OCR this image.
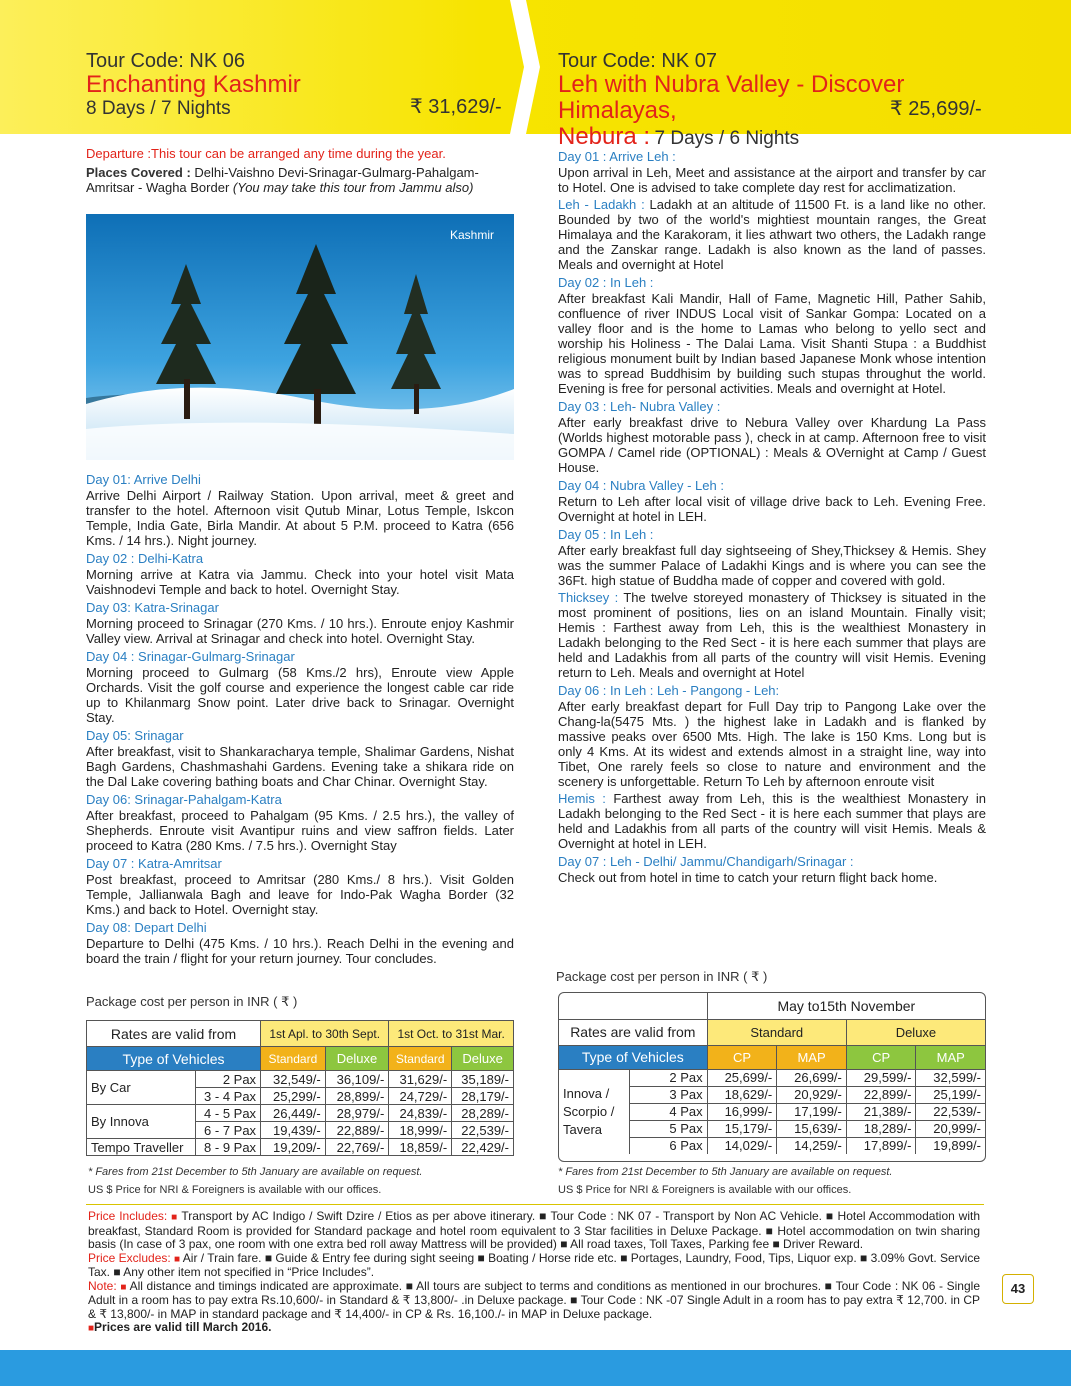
Tour Code: NK 06
Enchanting Kashmir
8 Days / 7 Nights	₹ 31,629/-
Tour Code: NK 07
Leh with Nubra Valley - Discover Himalayas,
Nebura : 7 Days / 6 Nights
₹ 25,699/-
Departure :This tour can be arranged any time during the year.
Places Covered : Delhi-Vaishno Devi-Srinagar-Gulmarg-Pahalgam-Amritsar - Wagha Border (You may take this tour from Jammu also)
Kashmir
Day 01: Arrive Delhi
Arrive Delhi Airport / Railway Station. Upon arrival, meet & greet and transfer to the hotel. Afternoon visit Qutub Minar, Lotus Temple, Iskcon Temple, India Gate, Birla Mandir. At about 5 P.M. proceed to Katra (656 Kms. / 14 hrs.). Night journey.
Day 02 : Delhi-Katra
Morning arrive at Katra via Jammu. Check into your hotel visit Mata Vaishnodevi Temple and back to hotel. Overnight Stay.
Day 03: Katra-Srinagar
Morning proceed to Srinagar (270 Kms. / 10 hrs.). Enroute enjoy Kashmir Valley view. Arrival at Srinagar and check into hotel. Overnight Stay.
Day 04 : Srinagar-Gulmarg-Srinagar
Morning proceed to Gulmarg (58 Kms./2 hrs), Enroute view Apple Orchards. Visit the golf course and experience the longest cable car ride up to Khilanmarg Snow point. Later drive back to Srinagar. Overnight Stay.
Day 05: Srinagar
After breakfast, visit to Shankaracharya temple, Shalimar Gardens, Nishat Bagh Gardens, Chashmashahi Gardens. Evening take a shikara ride on the Dal Lake covering bathing boats and Char Chinar. Overnight Stay.
Day 06: Srinagar-Pahalgam-Katra
After breakfast, proceed to Pahalgam (95 Kms. / 2.5 hrs.), the valley of Shepherds. Enroute visit Avantipur ruins and view saffron fields. Later proceed to Katra (280 Kms. / 7.5 hrs.). Overnight Stay
Day 07 : Katra-Amritsar
Post breakfast, proceed to Amritsar (280 Kms./ 8 hrs.). Visit Golden Temple, Jallianwala Bagh and leave for Indo-Pak Wagha Border (32 Kms.) and back to Hotel. Overnight stay.
Day 08: Depart Delhi
Departure to Delhi (475 Kms. / 10 hrs.). Reach Delhi in the evening and board the train / flight for your return journey. Tour concludes.
Package cost per person in INR ( ₹ )
Rates are valid from		1st Apl. to 30th Sept.		1st Oct. to 31st Mar.	
Type of Vehicles		Standard	Deluxe	Standard	Deluxe
By Car	2 Pax	32,549/-	36,109/-	31,629/-	35,189/-
	3 - 4 Pax	25,299/-	28,899/-	24,729/-	28,179/-
By Innova	4 - 5 Pax	26,449/-	28,979/-	24,839/-	28,289/-
	6 - 7 Pax	19,439/-	22,889/-	18,999/-	22,539/-
Tempo Traveller	8 - 9 Pax	19,209/-	22,769/-	18,859/-	22,429/-
* Fares from 21st December to 5th January are available on request.
US $ Price for NRI & Foreigners is available with our offices.
Day 01 : Arrive Leh :
Upon arrival in Leh, Meet and assistance at the airport and transfer by car to Hotel. One is advised to take complete day rest for acclimatization.
Leh - Ladakh : Ladakh at an altitude of 11500 Ft. is a land like no other. Bounded by two of the world's mightiest mountain ranges, the Great Himalaya and the Karakoram, it lies athwart two others, the Ladakh range and the Zanskar range. Ladakh is also known as the land of passes. Meals and overnight at Hotel
Day 02 : In Leh :
After breakfast Kali Mandir, Hall of Fame, Magnetic Hill, Pather Sahib, confluence of river INDUS Local visit of Sankar Gompa: Located on a valley floor and is the home to Lamas who belong to yello sect and worship his Holiness - The Dalai Lama. Visit Shanti Stupa : a Buddhist religious monument built by Indian based Japanese Monk whose intention was to spread Buddhisim by building such stupas throughut the world. Evening is free for personal activities. Meals and overnight at Hotel.
Day 03 : Leh- Nubra Valley :
After early breakfast drive to Nebura Valley over Khardung La Pass (Worlds highest motorable pass ), check in at camp. Afternoon free to visit GOMPA / Camel ride (OPTIONAL) : Meals & OVernight at Camp / Guest House.
Day 04 : Nubra Valley - Leh :
Return to Leh after local visit of village drive back to Leh. Evening Free. Overnight at hotel in LEH.
Day 05 : In Leh :
After early breakfast full day sightseeing of Shey,Thicksey & Hemis. Shey was the summer Palace of Ladakhi Kings and is where you can see the 36Ft. high statue of Buddha made of copper and covered with gold.
Thicksey : The twelve storeyed monastery of Thicksey is situated in the most prominent of positions, lies on an island Mountain. Finally visit; Hemis : Farthest away from Leh, this is the wealthiest Monastery in Ladakh belonging to the Red Sect - it is here each summer that plays are held and Ladakhis from all parts of the country will visit Hemis. Evening return to Leh. Meals and overnight at Hotel
Day 06 : In Leh : Leh - Pangong - Leh:
After early breakfast depart for Full Day trip to Pangong Lake over the Chang-la(5475 Mts. ) the highest lake in Ladakh and is flanked by massive peaks over 6500 Mts. High. The lake is 150 Kms. Long but is only 4 Kms. At its widest and extends almost in a straight line, way into Tibet, One rarely feels so close to nature and environment and the scenery is unforgettable. Return To Leh by afternoon enroute visit
Hemis : Farthest away from Leh, this is the wealthiest Monastery in Ladakh belonging to the Red Sect - it is here each summer that plays are held and Ladakhis from all parts of the country will visit Hemis. Meals & Overnight at hotel in LEH.
Day 07 : Leh - Delhi/ Jammu/Chandigarh/Srinagar :
Check out from hotel in time to catch your return flight back home.
Package cost per person in INR ( ₹ )
		May to15th November			
Rates are valid from		Standard		Deluxe	
Type of Vehicles		CP	MAP	CP	MAP
Innova / Scorpio / Tavera	2 Pax	25,699/-	26,699/-	29,599/-	32,599/-
	3 Pax	18,629/-	20,929/-	22,899/-	25,199/-
	4 Pax	16,999/-	17,199/-	21,389/-	22,539/-
	5 Pax	15,179/-	15,639/-	18,289/-	20,999/-
	6 Pax	14,029/-	14,259/-	17,899/-	19,899/-
* Fares from 21st December to 5th January are available on request.
US $ Price for NRI & Foreigners is available with our offices.
Price Includes: ■ Transport by AC Indigo / Swift Dzire / Etios as per above itinerary. ■ Tour Code : NK 07 - Transport by Non AC Vehicle. ■ Hotel Accommodation with breakfast, Standard Room is provided for Standard package and hotel room equivalent to 3 Star facilities in Deluxe Package. ■ Hotel accommodation on twin sharing basis (In case of 3 pax, one room with one extra bed roll away Mattress will be provided) ■ All road taxes, Toll Taxes, Parking fee ■ Driver Reward.
Price Excludes: ■ Air / Train fare. ■ Guide & Entry fee during sight seeing ■ Boating / Horse ride etc. ■ Portages, Laundry, Food, Tips, Liquor exp. ■ 3.09% Govt. Service Tax. ■ Any other item not specified in “Price Includes”.
Note: ■ All distance and timings indicated are approximate. ■ All tours are subject to terms and conditions as mentioned in our brochures. ■ Tour Code : NK 06 - Single Adult in a room has to pay extra Rs.10,600/- in Standard & ₹ 13,800/- .in Deluxe package. ■ Tour Code : NK -07 Single Adult in a room has to pay extra ₹ 12,700. in CP & ₹ 13,800/- in MAP in standard package and ₹ 14,400/- in CP & Rs. 16,100./- in MAP in Deluxe package.
■Prices are valid till March 2016.
43
